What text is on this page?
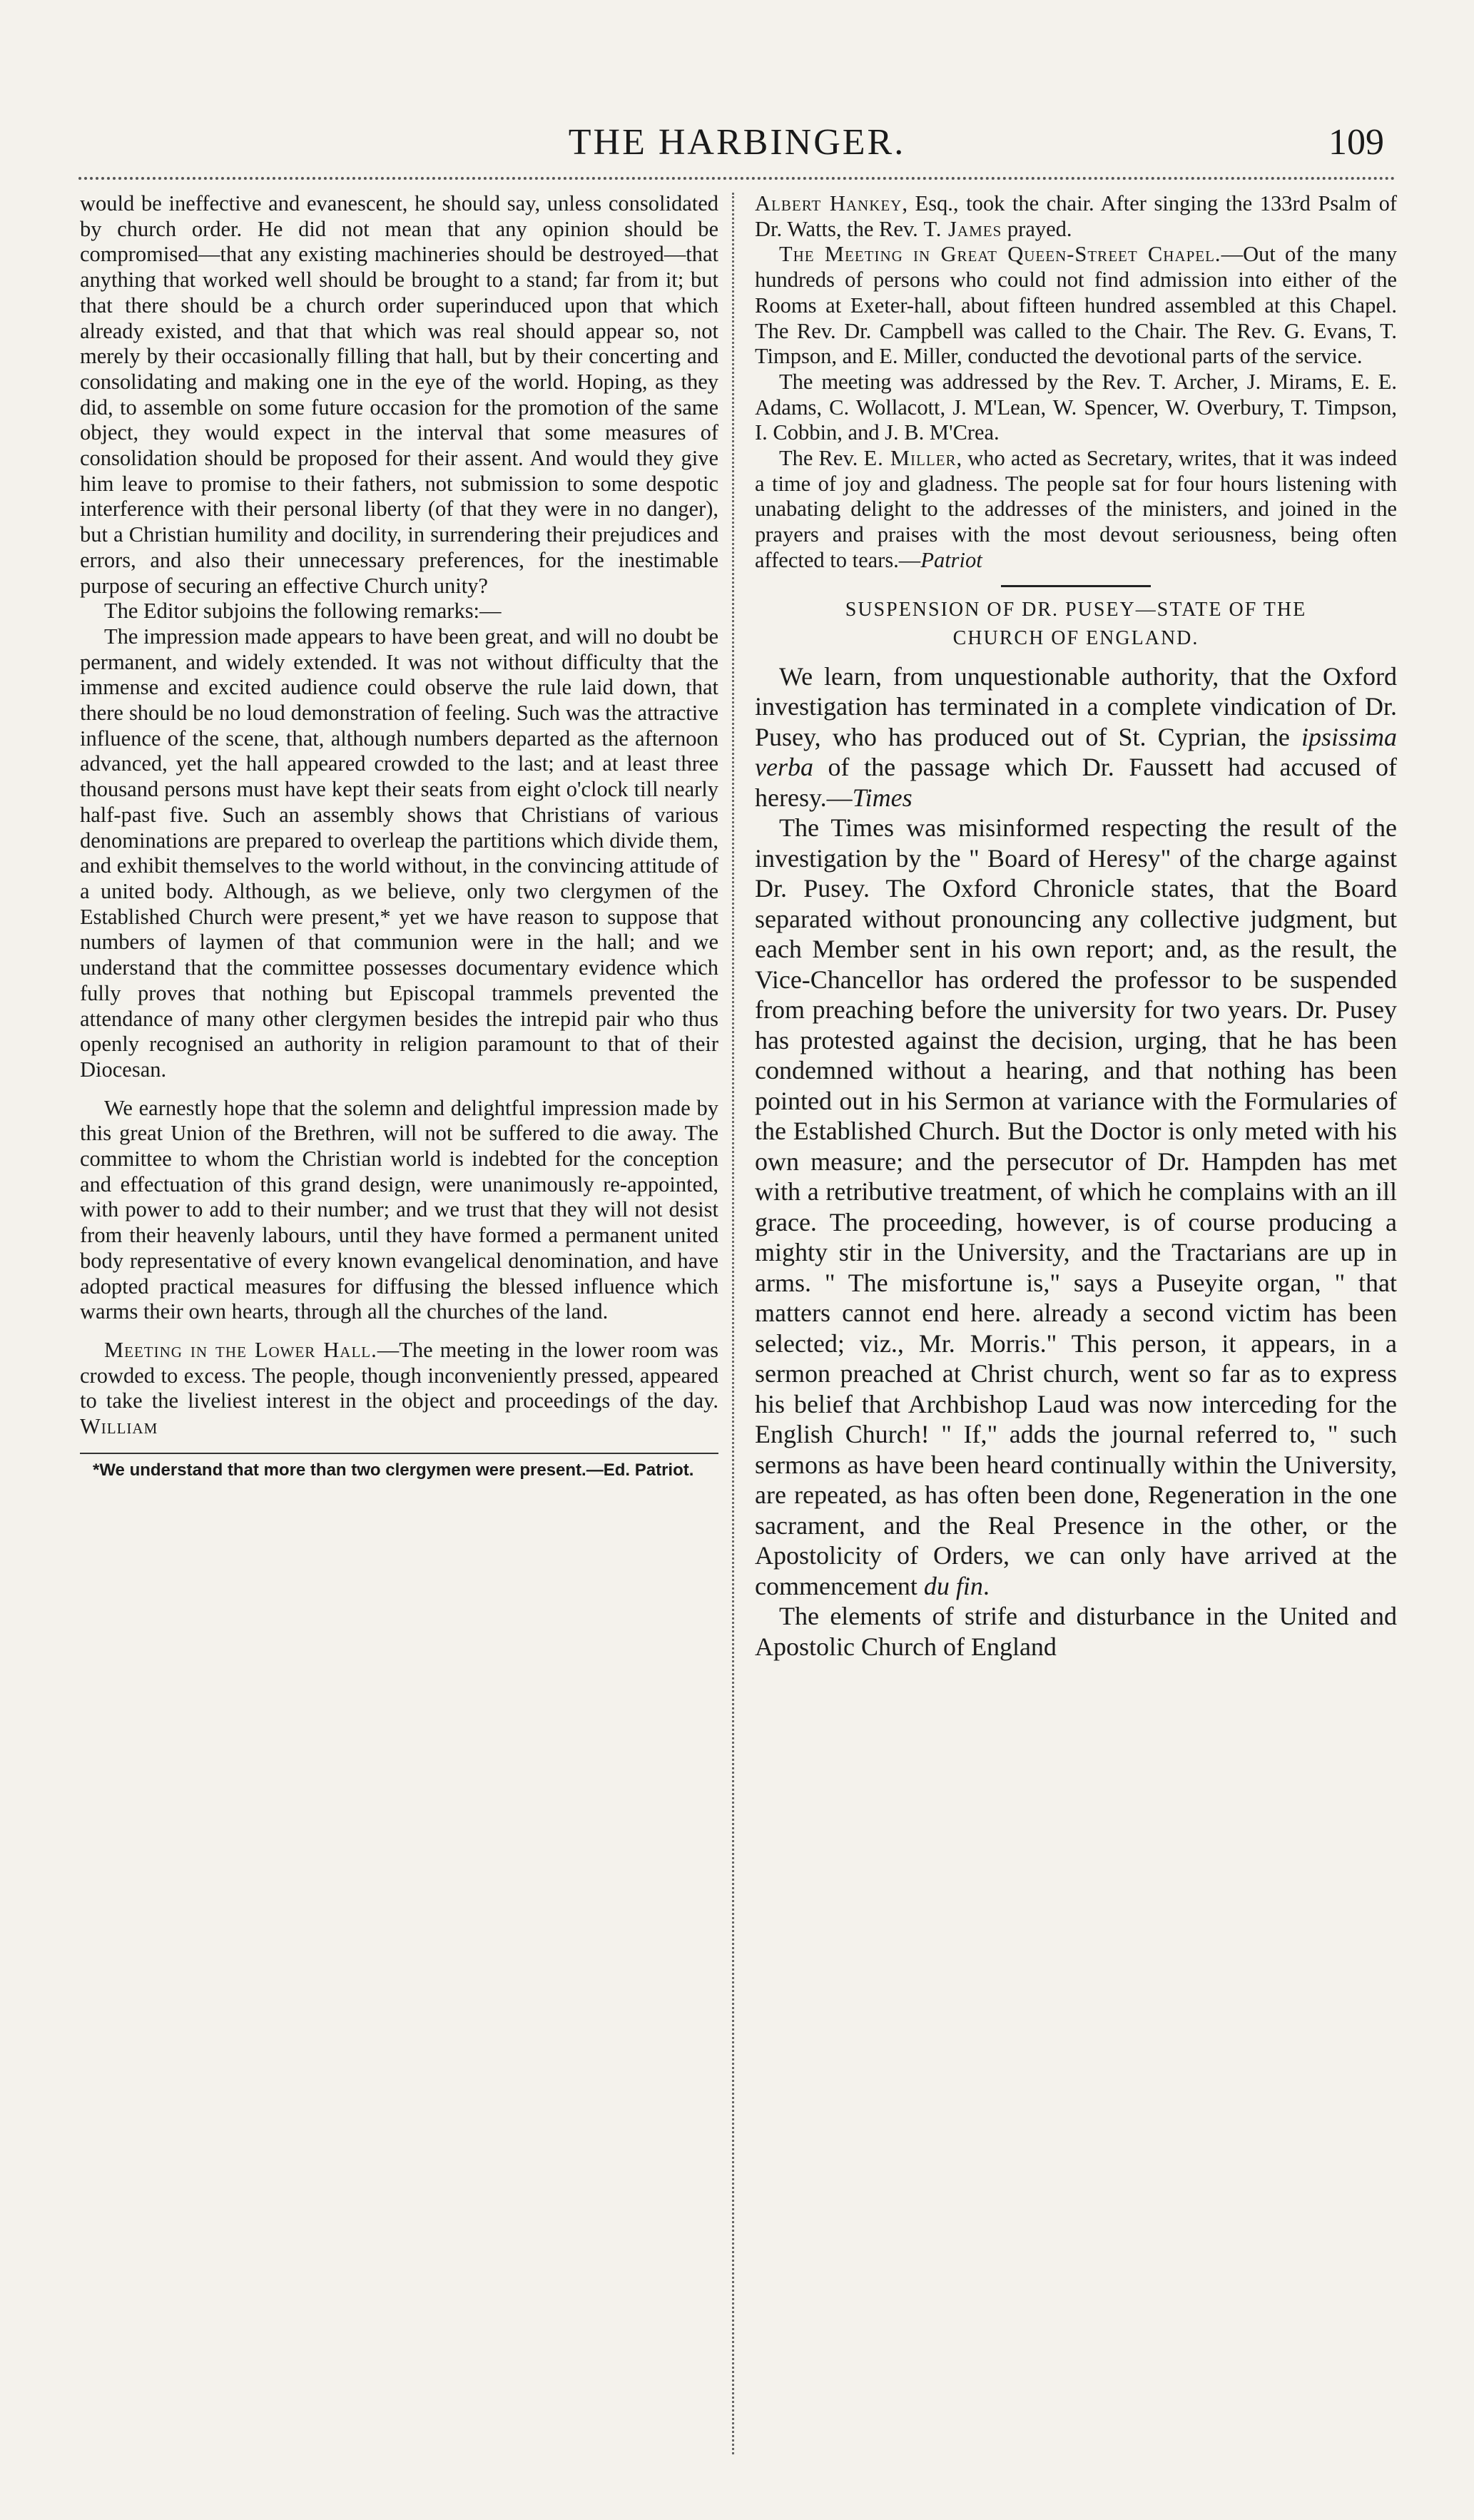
THE HARBINGER.	109

would be ineffective and evanescent, he should say, unless consolidated by church order. He did not mean that any opinion should be compromised—that any existing machineries should be destroyed—that anything that worked well should be brought to a stand; far from it; but that there should be a church order superinduced upon that which already existed, and that that which was real should appear so, not merely by their occasionally filling that hall, but by their concerting and consolidating and making one in the eye of the world. Hoping, as they did, to assemble on some future occasion for the promotion of the same object, they would expect in the interval that some measures of consolidation should be proposed for their assent. And would they give him leave to promise to their fathers, not submission to some despotic interference with their personal liberty (of that they were in no danger), but a Christian humility and docility, in surrendering their prejudices and errors, and also their unnecessary preferences, for the inestimable purpose of securing an effective Church unity?

The Editor subjoins the following remarks:—

The impression made appears to have been great, and will no doubt be permanent, and widely extended. It was not without difficulty that the immense and excited audience could observe the rule laid down, that there should be no loud demonstration of feeling. Such was the attractive influence of the scene, that, although numbers departed as the afternoon advanced, yet the hall appeared crowded to the last; and at least three thousand persons must have kept their seats from eight o'clock till nearly half-past five. Such an assembly shows that Christians of various denominations are prepared to overleap the partitions which divide them, and exhibit themselves to the world without, in the convincing attitude of a united body. Although, as we believe, only two clergymen of the Established Church were present,* yet we have reason to suppose that numbers of laymen of that communion were in the hall; and we understand that the committee possesses documentary evidence which fully proves that nothing but Episcopal trammels prevented the attendance of many other clergymen besides the intrepid pair who thus openly recognised an authority in religion paramount to that of their Diocesan.

We earnestly hope that the solemn and delightful impression made by this great Union of the Brethren, will not be suffered to die away. The committee to whom the Christian world is indebted for the conception and effectuation of this grand design, were unanimously re-appointed, with power to add to their number; and we trust that they will not desist from their heavenly labours, until they have formed a permanent united body representative of every known evangelical denomination, and have adopted practical measures for diffusing the blessed influence which warms their own hearts, through all the churches of the land.

Meeting in the Lower Hall.—The meeting in the lower room was crowded to excess. The people, though inconveniently pressed, appeared to take the liveliest interest in the object and proceedings of the day. William

*We understand that more than two clergymen were present.—Ed. Patriot.

Albert Hankey, Esq., took the chair. After singing the 133rd Psalm of Dr. Watts, the Rev. T. James prayed.

The Meeting in Great Queen-Street Chapel.—Out of the many hundreds of persons who could not find admission into either of the Rooms at Exeter-hall, about fifteen hundred assembled at this Chapel. The Rev. Dr. Campbell was called to the Chair. The Rev. G. Evans, T. Timpson, and E. Miller, conducted the devotional parts of the service.

The meeting was addressed by the Rev. T. Archer, J. Mirams, E. E. Adams, C. Wollacott, J. M'Lean, W. Spencer, W. Overbury, T. Timpson, I. Cobbin, and J. B. M'Crea.

The Rev. E. Miller, who acted as Secretary, writes, that it was indeed a time of joy and gladness. The people sat for four hours listening with unabating delight to the addresses of the ministers, and joined in the prayers and praises with the most devout seriousness, being often affected to tears.—Patriot

SUSPENSION OF DR. PUSEY—STATE OF THE
CHURCH OF ENGLAND.

We learn, from unquestionable authority, that the Oxford investigation has terminated in a complete vindication of Dr. Pusey, who has produced out of St. Cyprian, the ipsissima verba of the passage which Dr. Faussett had accused of heresy.—Times

The Times was misinformed respecting the result of the investigation by the " Board of Heresy" of the charge against Dr. Pusey. The Oxford Chronicle states, that the Board separated without pronouncing any collective judgment, but each Member sent in his own report; and, as the result, the Vice-Chancellor has ordered the professor to be suspended from preaching before the university for two years. Dr. Pusey has protested against the decision, urging, that he has been condemned without a hearing, and that nothing has been pointed out in his Sermon at variance with the Formularies of the Established Church. But the Doctor is only meted with his own measure; and the persecutor of Dr. Hampden has met with a retributive treatment, of which he complains with an ill grace. The proceeding, however, is of course producing a mighty stir in the University, and the Tractarians are up in arms. " The misfortune is," says a Puseyite organ, " that matters cannot end here. already a second victim has been selected; viz., Mr. Morris." This person, it appears, in a sermon preached at Christ church, went so far as to express his belief that Archbishop Laud was now interceding for the English Church! " If," adds the journal referred to, " such sermons as have been heard continually within the University, are repeated, as has often been done, Regeneration in the one sacrament, and the Real Presence in the other, or the Apostolicity of Orders, we can only have arrived at the commencement du fin.

The elements of strife and disturbance in the United and Apostolic Church of England
